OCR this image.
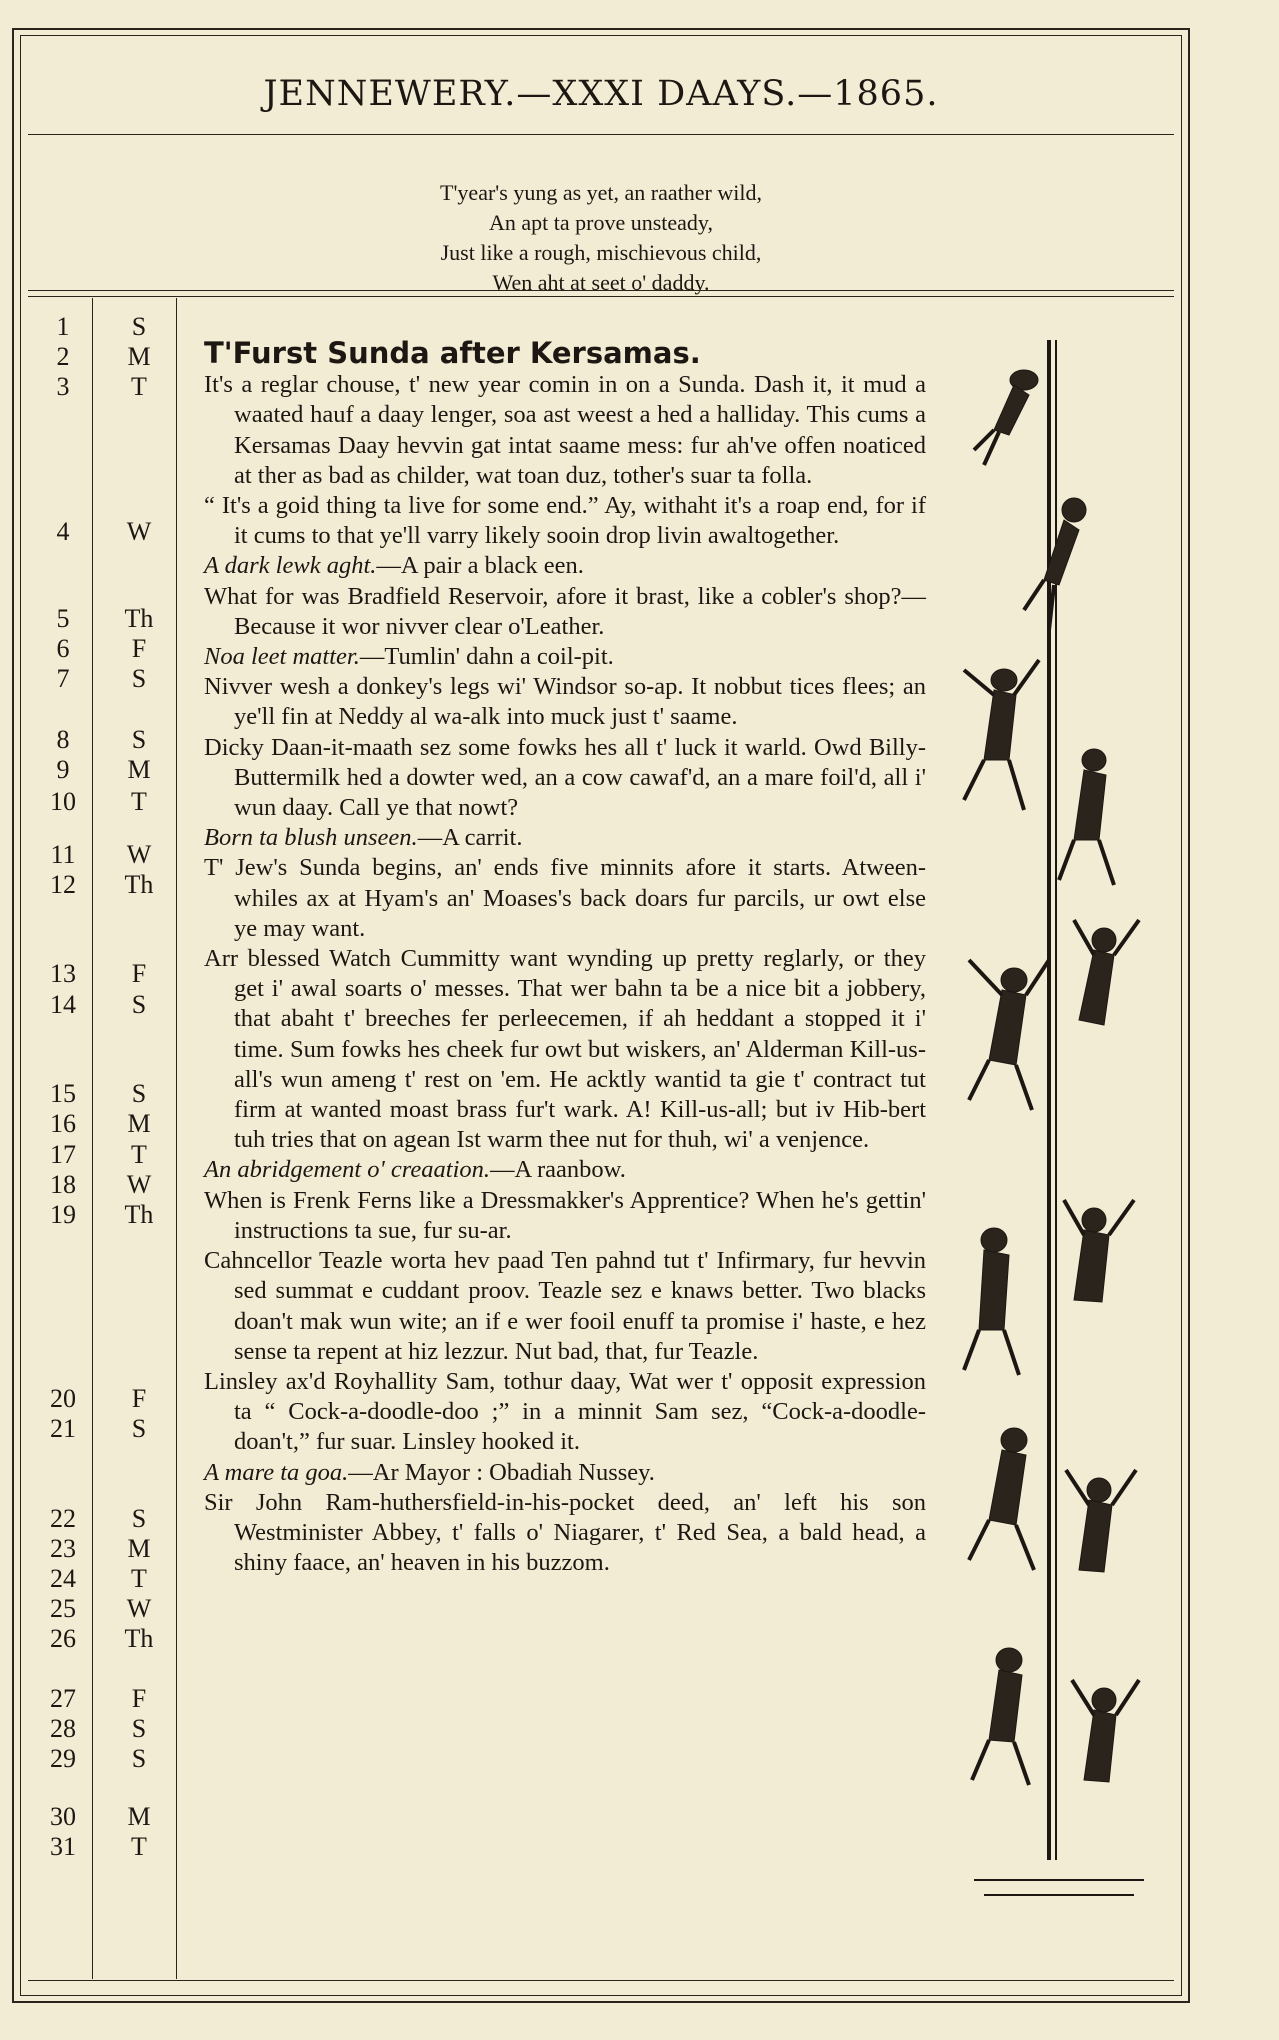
JENNEWERY.—XXXI DAAYS.—1865.
T'year's yung as yet, an raather wild,
An apt ta prove unsteady,
Just like a rough, mischievous child,
Wen aht at seet o' daddy.
1	S
2	M
3	T
4	W
5	Th
6	F
7	S
8	S
9	M
10	T
11	W
12	Th
13	F
14	S
15	S
16	M
17	T
18	W
19	Th
20	F
21	S
22	S
23	M
24	T
25	W
26	Th
27	F
28	S
29	S
30	M
31	T

T'Furst Sunda after Kersamas.

It's a reglar chouse, t' new year comin in on a Sunda. Dash it, it mud a waated hauf a daay lenger, soa ast weest a hed a halliday. This cums a Kersamas Daay hevvin gat intat saame mess: fur ah've offen noaticed at ther as bad as childer, wat toan duz, tother's suar ta folla.

“ It's a goid thing ta live for some end.” Ay, withaht it's a roap end, for if it cums to that ye'll varry likely sooin drop livin awaltogether.

A dark lewk aght.—A pair a black een.

What for was Bradfield Reservoir, afore it brast, like a cobler's shop?—Because it wor nivver clear o'Leather.

Noa leet matter.—Tumlin' dahn a coil-pit.

Nivver wesh a donkey's legs wi' Windsor so-ap. It nobbut tices flees; an ye'll fin at Neddy al wa-alk into muck just t' saame.

Dicky Daan-it-maath sez some fowks hes all t' luck it warld. Owd Billy-Buttermilk hed a dowter wed, an a cow cawaf'd, an a mare foil'd, all i' wun daay. Call ye that nowt?

Born ta blush unseen.—A carrit.

T' Jew's Sunda begins, an' ends five minnits afore it starts. Atween-whiles ax at Hyam's an' Moases's back doars fur parcils, ur owt else ye may want.

Arr blessed Watch Cummitty want wynding up pretty reglarly, or they get i' awal soarts o' messes. That wer bahn ta be a nice bit a jobbery, that abaht t' breeches fer perleecemen, if ah heddant a stopped it i' time. Sum fowks hes cheek fur owt but wiskers, an' Alderman Kill-us-all's wun ameng t' rest on 'em. He acktly wantid ta gie t' contract tut firm at wanted moast brass fur't wark. A! Kill-us-all; but iv Hib-bert tuh tries that on agean Ist warm thee nut for thuh, wi' a venjence.

An abridgement o' creaation.—A raanbow.

When is Frenk Ferns like a Dressmakker's Apprentice? When he's gettin' instructions ta sue, fur su-ar.

Cahncellor Teazle worta hev paad Ten pahnd tut t' Infirmary, fur hevvin sed summat e cuddant proov. Teazle sez e knaws better. Two blacks doan't mak wun wite; an if e wer fooil enuff ta promise i' haste, e hez sense ta repent at hiz lezzur. Nut bad, that, fur Teazle.

Linsley ax'd Royhallity Sam, tothur daay, Wat wer t' opposit expression ta “ Cock-a-doodle-doo ;” in a minnit Sam sez, “Cock-a-doodle-doan't,” fur suar. Linsley hooked it.

A mare ta goa.—Ar Mayor : Obadiah Nussey.

Sir John Ram-huthersfield-in-his-pocket deed, an' left his son Westminister Abbey, t' falls o' Niagarer, t' Red Sea, a bald head, a shiny faace, an' heaven in his buzzom.
